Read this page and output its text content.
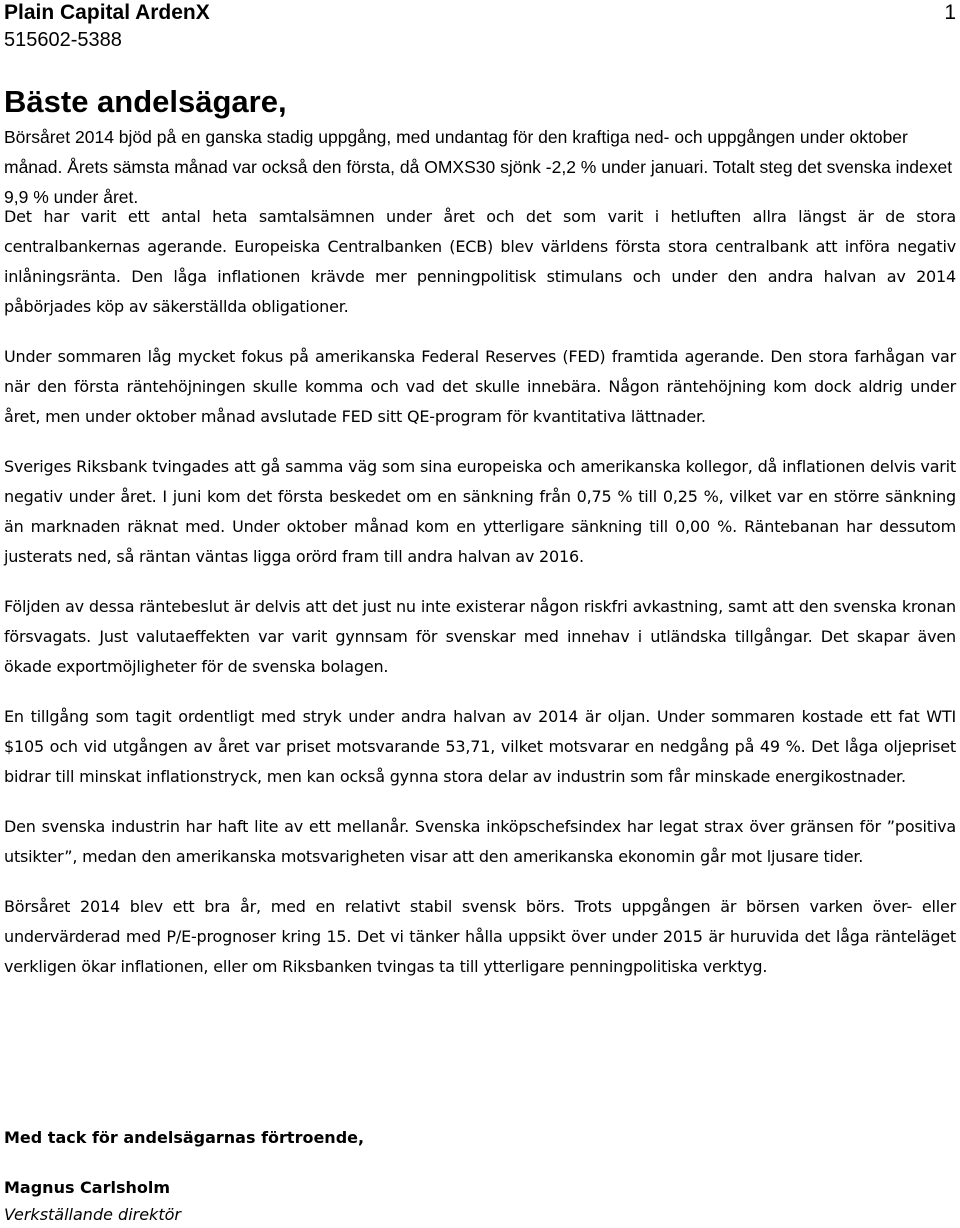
Plain Capital ArdenX
515602-5388
1
Bäste andelsägare,

Börsåret 2014 bjöd på en ganska stadig uppgång, med undantag för den kraftiga ned- och uppgången under oktober månad. Årets sämsta månad var också den första, då OMXS30 sjönk -2,2 % under januari. Totalt steg det svenska indexet 9,9 % under året.

Det har varit ett antal heta samtalsämnen under året och det som varit i hetluften allra längst är de stora centralbankernas agerande. Europeiska Centralbanken (ECB) blev världens första stora centralbank att införa negativ inlåningsränta. Den låga inflationen krävde mer penningpolitisk stimulans och under den andra halvan av 2014 påbörjades köp av säkerställda obligationer.

Under sommaren låg mycket fokus på amerikanska Federal Reserves (FED) framtida agerande. Den stora farhågan var när den första räntehöjningen skulle komma och vad det skulle innebära. Någon räntehöjning kom dock aldrig under året, men under oktober månad avslutade FED sitt QE-program för kvantitativa lättnader.

Sveriges Riksbank tvingades att gå samma väg som sina europeiska och amerikanska kollegor, då inflationen delvis varit negativ under året. I juni kom det första beskedet om en sänkning från 0,75 % till 0,25 %, vilket var en större sänkning än marknaden räknat med. Under oktober månad kom en ytterligare sänkning till 0,00 %. Räntebanan har dessutom justerats ned, så räntan väntas ligga orörd fram till andra halvan av 2016.

Följden av dessa räntebeslut är delvis att det just nu inte existerar någon riskfri avkastning, samt att den svenska kronan försvagats. Just valutaeffekten var varit gynnsam för svenskar med innehav i utländska tillgångar. Det skapar även ökade exportmöjligheter för de svenska bolagen.

En tillgång som tagit ordentligt med stryk under andra halvan av 2014 är oljan. Under sommaren kostade ett fat WTI $105 och vid utgången av året var priset motsvarande 53,71, vilket motsvarar en nedgång på 49 %. Det låga oljepriset bidrar till minskat inflationstryck, men kan också gynna stora delar av industrin som får minskade energikostnader.

Den svenska industrin har haft lite av ett mellanår. Svenska inköpschefsindex har legat strax över gränsen för ”positiva utsikter”, medan den amerikanska motsvarigheten visar att den amerikanska ekonomin går mot ljusare tider.

Börsåret 2014 blev ett bra år, med en relativt stabil svensk börs. Trots uppgången är börsen varken över- eller undervärderad med P/E-prognoser kring 15. Det vi tänker hålla uppsikt över under 2015 är huruvida det låga ränteläget verkligen ökar inflationen, eller om Riksbanken tvingas ta till ytterligare penningpolitiska verktyg.

Med tack för andelsägarnas förtroende,
Magnus Carlsholm
Verkställande direktör
